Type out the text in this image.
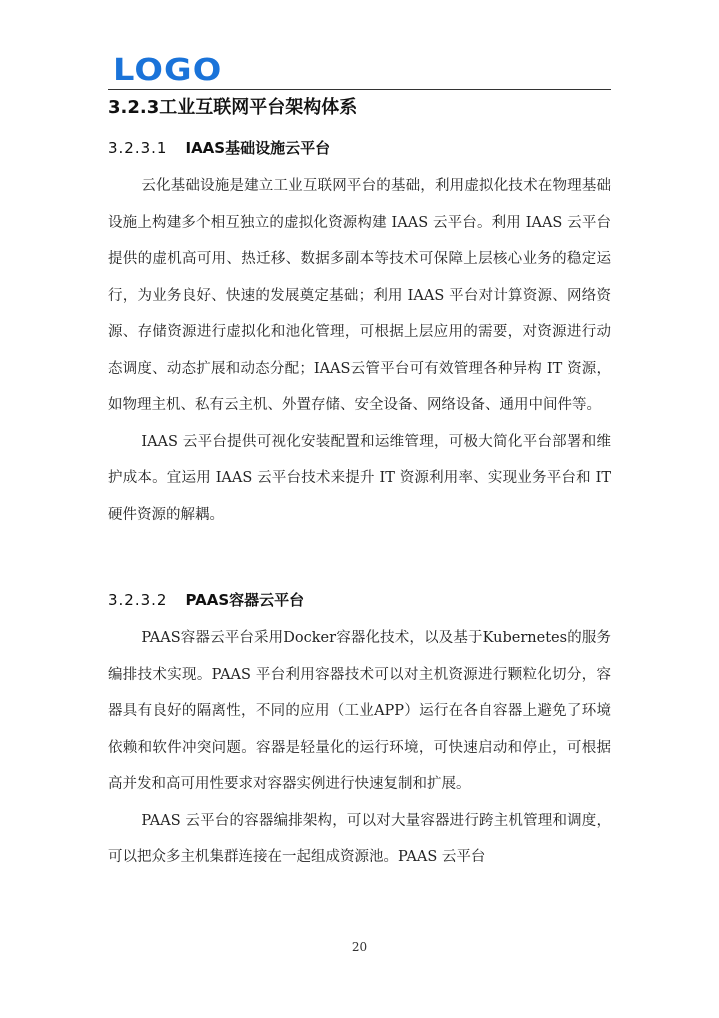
LOGO
3.2.3工业互联网平台架构体系
3.2.3.1 IAAS基础设施云平台

云化基础设施是建立工业互联网平台的基础，利用虚拟化技术在物理基础设施上构建多个相互独立的虚拟化资源构建 IAAS 云平台。利用 IAAS 云平台提供的虚机高可用、热迁移、数据多副本等技术可保障上层核心业务的稳定运行，为业务良好、快速的发展奠定基础；利用 IAAS 平台对计算资源、网络资源、存储资源进行虚拟化和池化管理，可根据上层应用的需要，对资源进行动态调度、动态扩展和动态分配；IAAS云管平台可有效管理各种异构 IT 资源，如物理主机、私有云主机、外置存储、安全设备、网络设备、通用中间件等。

IAAS 云平台提供可视化安装配置和运维管理，可极大简化平台部署和维护成本。宜运用 IAAS 云平台技术来提升 IT 资源利用率、实现业务平台和 IT 硬件资源的解耦。

3.2.3.2 PAAS容器云平台

PAAS容器云平台采用Docker容器化技术，以及基于Kubernetes的服务编排技术实现。PAAS 平台利用容器技术可以对主机资源进行颗粒化切分，容器具有良好的隔离性，不同的应用（工业APP）运行在各自容器上避免了环境依赖和软件冲突问题。容器是轻量化的运行环境，可快速启动和停止，可根据高并发和高可用性要求对容器实例进行快速复制和扩展。

PAAS 云平台的容器编排架构，可以对大量容器进行跨主机管理和调度，可以把众多主机集群连接在一起组成资源池。PAAS 云平台

20
